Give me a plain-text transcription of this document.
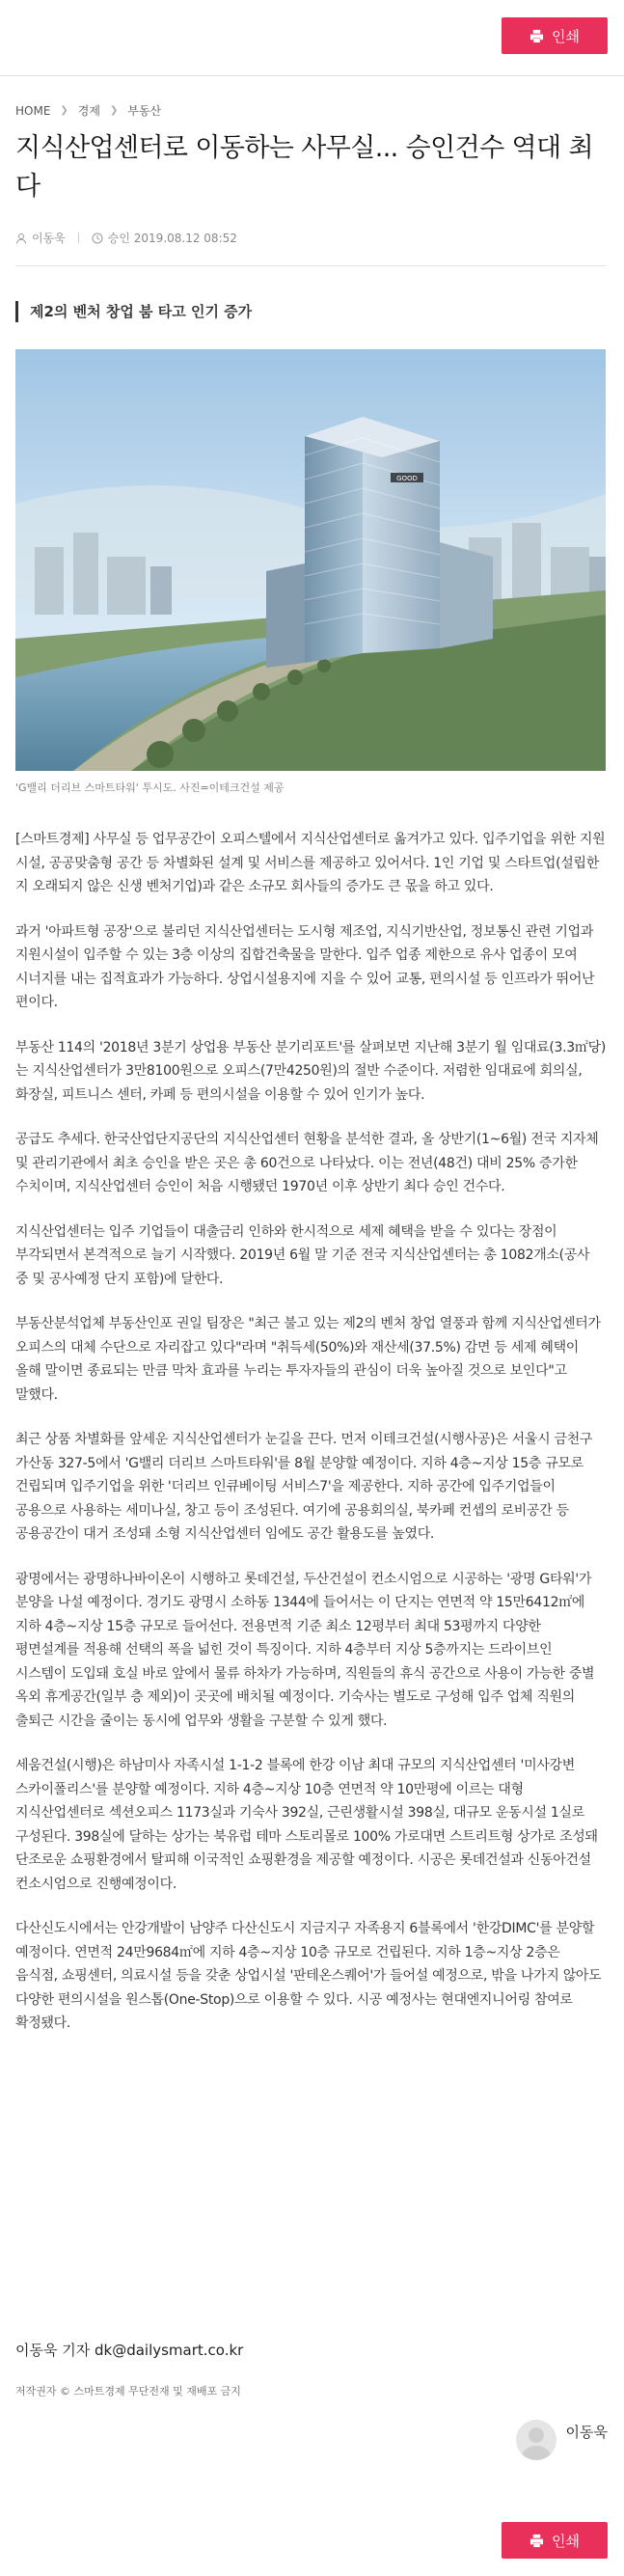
인쇄
HOME ❯ 경제 ❯ 부동산
지식산업센터로 이동하는 사무실... 승인건수 역대 최다
이동욱	승인 2019.08.12 08:52
제2의 벤처 창업 붐 타고 인기 증가
GOOD
'G밸리 더리브 스마트타워' 투시도. 사진=이테크건설 제공

[스마트경제] 사무실 등 업무공간이 오피스텔에서 지식산업센터로 옮겨가고 있다. 입주기업을 위한 지원 시설, 공공맞춤형 공간 등 차별화된 설계 및 서비스를 제공하고 있어서다. 1인 기업 및 스타트업(설립한 지 오래되지 않은 신생 벤처기업)과 같은 소규모 회사들의 증가도 큰 몫을 하고 있다.

과거 '아파트형 공장'으로 불리던 지식산업센터는 도시형 제조업, 지식기반산업, 정보통신 관련 기업과 지원시설이 입주할 수 있는 3층 이상의 집합건축물을 말한다. 입주 업종 제한으로 유사 업종이 모여 시너지를 내는 집적효과가 가능하다. 상업시설용지에 지을 수 있어 교통, 편의시설 등 인프라가 뛰어난 편이다.

부동산 114의 '2018년 3분기 상업용 부동산 분기리포트'를 살펴보면 지난해 3분기 월 임대료(3.3㎡당)는 지식산업센터가 3만8100원으로 오피스(7만4250원)의 절반 수준이다. 저렴한 임대료에 회의실, 화장실, 피트니스 센터, 카페 등 편의시설을 이용할 수 있어 인기가 높다.

공급도 추세다. 한국산업단지공단의 지식산업센터 현황을 분석한 결과, 올 상반기(1~6월) 전국 지자체 및 관리기관에서 최초 승인을 받은 곳은 총 60건으로 나타났다. 이는 전년(48건) 대비 25% 증가한 수치이며, 지식산업센터 승인이 처음 시행됐던 1970년 이후 상반기 최다 승인 건수다.

지식산업센터는 입주 기업들이 대출금리 인하와 한시적으로 세제 혜택을 받을 수 있다는 장점이 부각되면서 본격적으로 늘기 시작했다. 2019년 6월 말 기준 전국 지식산업센터는 총 1082개소(공사 중 및 공사예정 단지 포함)에 달한다.

부동산분석업체 부동산인포 권일 팀장은 "최근 불고 있는 제2의 벤처 창업 열풍과 함께 지식산업센터가 오피스의 대체 수단으로 자리잡고 있다"라며 "취득세(50%)와 재산세(37.5%) 감면 등 세제 혜택이 올해 말이면 종료되는 만큼 막차 효과를 누리는 투자자들의 관심이 더욱 높아질 것으로 보인다"고 말했다.

최근 상품 차별화를 앞세운 지식산업센터가 눈길을 끈다. 먼저 이테크건설(시행사공)은 서울시 금천구 가산동 327-5에서 'G밸리 더리브 스마트타워'를 8월 분양할 예정이다. 지하 4층~지상 15층 규모로 건립되며 입주기업을 위한 '더리브 인큐베이팅 서비스7'을 제공한다. 지하 공간에 입주기업들이 공용으로 사용하는 세미나실, 창고 등이 조성된다. 여기에 공용회의실, 북카페 컨셉의 로비공간 등 공용공간이 대거 조성돼 소형 지식산업센터 임에도 공간 활용도를 높였다.

광명에서는 광명하나바이온이 시행하고 롯데건설, 두산건설이 컨소시엄으로 시공하는 '광명 G타워'가 분양을 나설 예정이다. 경기도 광명시 소하동 1344에 들어서는 이 단지는 연면적 약 15만6412㎡에 지하 4층~지상 15층 규모로 들어선다. 전용면적 기준 최소 12평부터 최대 53평까지 다양한 평면설계를 적용해 선택의 폭을 넓힌 것이 특징이다. 지하 4층부터 지상 5층까지는 드라이브인 시스템이 도입돼 호실 바로 앞에서 물류 하차가 가능하며, 직원들의 휴식 공간으로 사용이 가능한 중별 옥외 휴게공간(일부 층 제외)이 곳곳에 배치될 예정이다. 기숙사는 별도로 구성해 입주 업체 직원의 출퇴근 시간을 줄이는 동시에 업무와 생활을 구분할 수 있게 했다.

세움건설(시행)은 하남미사 자족시설 1-1-2 블록에 한강 이남 최대 규모의 지식산업센터 '미사강변 스카이폴리스'를 분양할 예정이다. 지하 4층~지상 10층 연면적 약 10만평에 이르는 대형 지식산업센터로 섹션오피스 1173실과 기숙사 392실, 근린생활시설 398실, 대규모 운동시설 1실로 구성된다. 398실에 달하는 상가는 북유럽 테마 스토리몰로 100% 가로대면 스트리트형 상가로 조성돼 단조로운 쇼핑환경에서 탈피해 이국적인 쇼핑환경을 제공할 예정이다. 시공은 롯데건설과 신동아건설 컨소시엄으로 진행예정이다.

다산신도시에서는 안강개발이 남양주 다산신도시 지금지구 자족용지 6블록에서 '한강DIMC'를 분양할 예정이다. 연면적 24만9684㎡에 지하 4층~지상 10층 규모로 건립된다. 지하 1층~지상 2층은 음식점, 쇼핑센터, 의료시설 등을 갖춘 상업시설 '판테온스퀘어'가 들어설 예정으로, 밖을 나가지 않아도 다양한 편의시설을 원스톱(One-Stop)으로 이용할 수 있다. 시공 예정사는 현대엔지니어링 참여로 확정됐다.

이동욱 기자 dk@dailysmart.co.kr
저작권자 © 스마트경제 무단전재 및 재배포 금지
이동욱
인쇄
